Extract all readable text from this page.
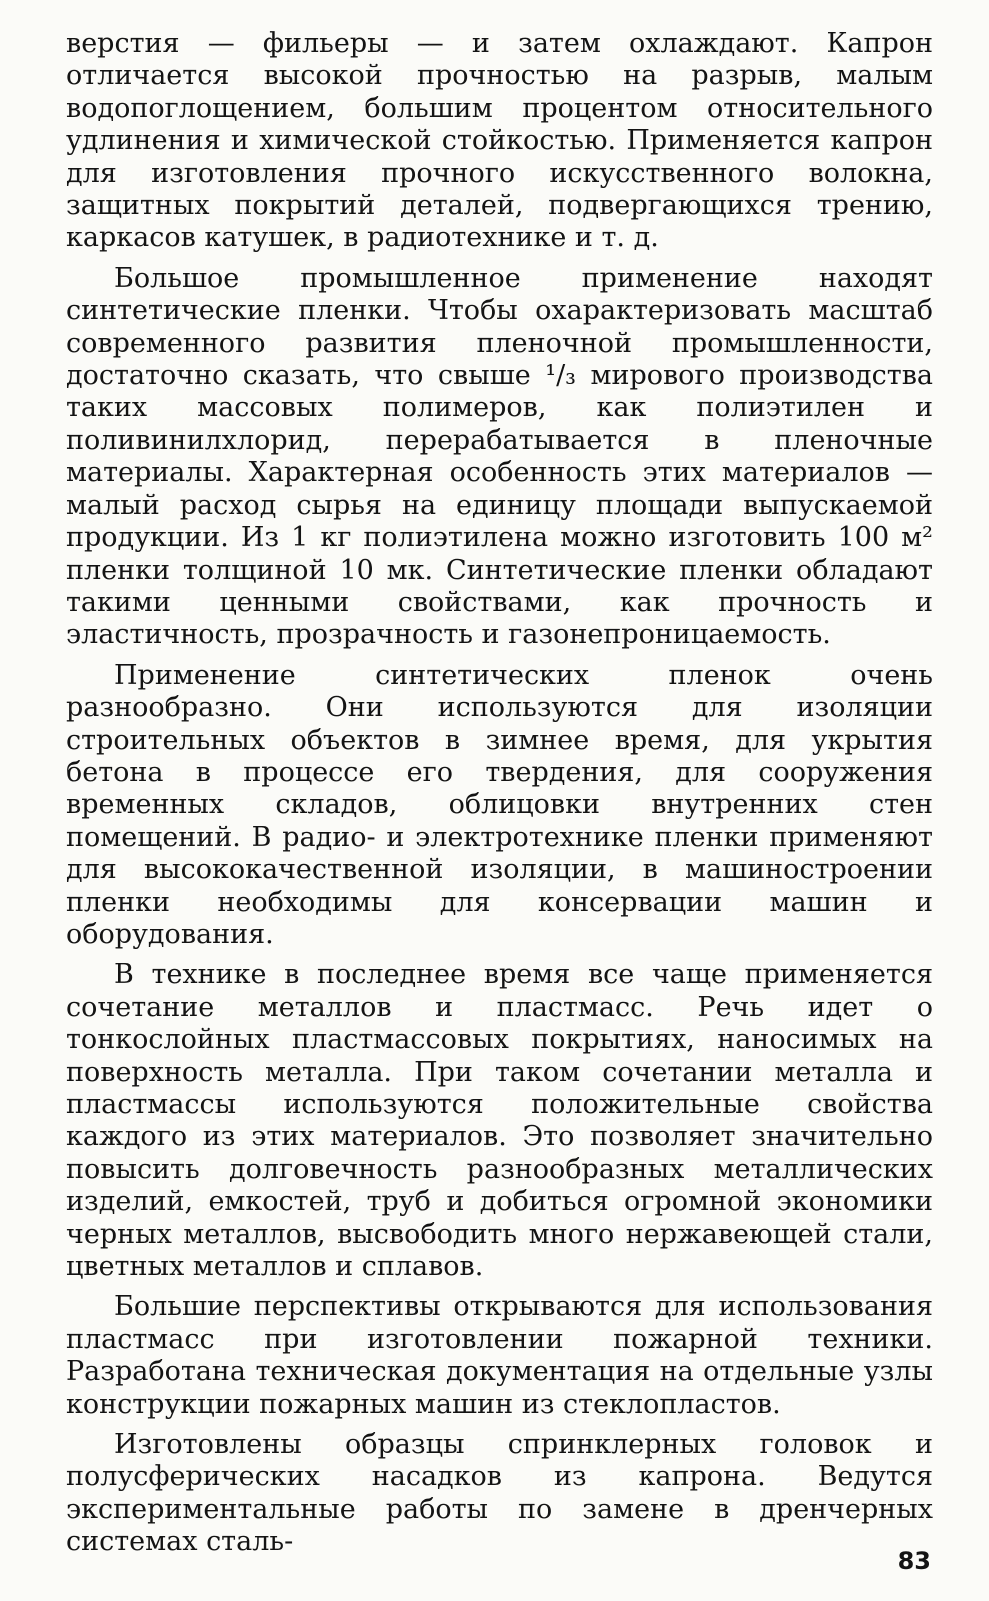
верстия — фильеры — и затем охлаждают. Капрон отличается высокой прочностью на разрыв, малым водопоглощением, большим процентом относительного удлинения и химической стойкостью. Применяется капрон для изготовления прочного искусственного волокна, защитных покрытий деталей, подвергающихся трению, каркасов катушек, в радиотехнике и т. д.

Большое промышленное применение находят синтетические пленки. Чтобы охарактеризовать масштаб современного развития пленочной промышленности, достаточно сказать, что свыше ¹/₃ мирового производства таких массовых полимеров, как полиэтилен и поливинилхлорид, перерабатывается в пленочные материалы. Характерная особенность этих материалов — малый расход сырья на единицу площади выпускаемой продукции. Из 1 кг полиэтилена можно изготовить 100 м² пленки толщиной 10 мк. Синтетические пленки обладают такими ценными свойствами, как прочность и эластичность, прозрачность и газонепроницаемость.

Применение синтетических пленок очень разнообразно. Они используются для изоляции строительных объектов в зимнее время, для укрытия бетона в процессе его твердения, для сооружения временных складов, облицовки внутренних стен помещений. В радио- и электротехнике пленки применяют для высококачественной изоляции, в машиностроении пленки необходимы для консервации машин и оборудования.

В технике в последнее время все чаще применяется сочетание металлов и пластмасс. Речь идет о тонкослойных пластмассовых покрытиях, наносимых на поверхность металла. При таком сочетании металла и пластмассы используются положительные свойства каждого из этих материалов. Это позволяет значительно повысить долговечность разнообразных металлических изделий, емкостей, труб и добиться огромной экономики черных металлов, высвободить много нержавеющей стали, цветных металлов и сплавов.

Большие перспективы открываются для использования пластмасс при изготовлении пожарной техники. Разработана техническая документация на отдельные узлы конструкции пожарных машин из стеклопластов.

Изготовлены образцы спринклерных головок и полусферических насадков из капрона. Ведутся экспериментальные работы по замене в дренчерных системах сталь-

83
